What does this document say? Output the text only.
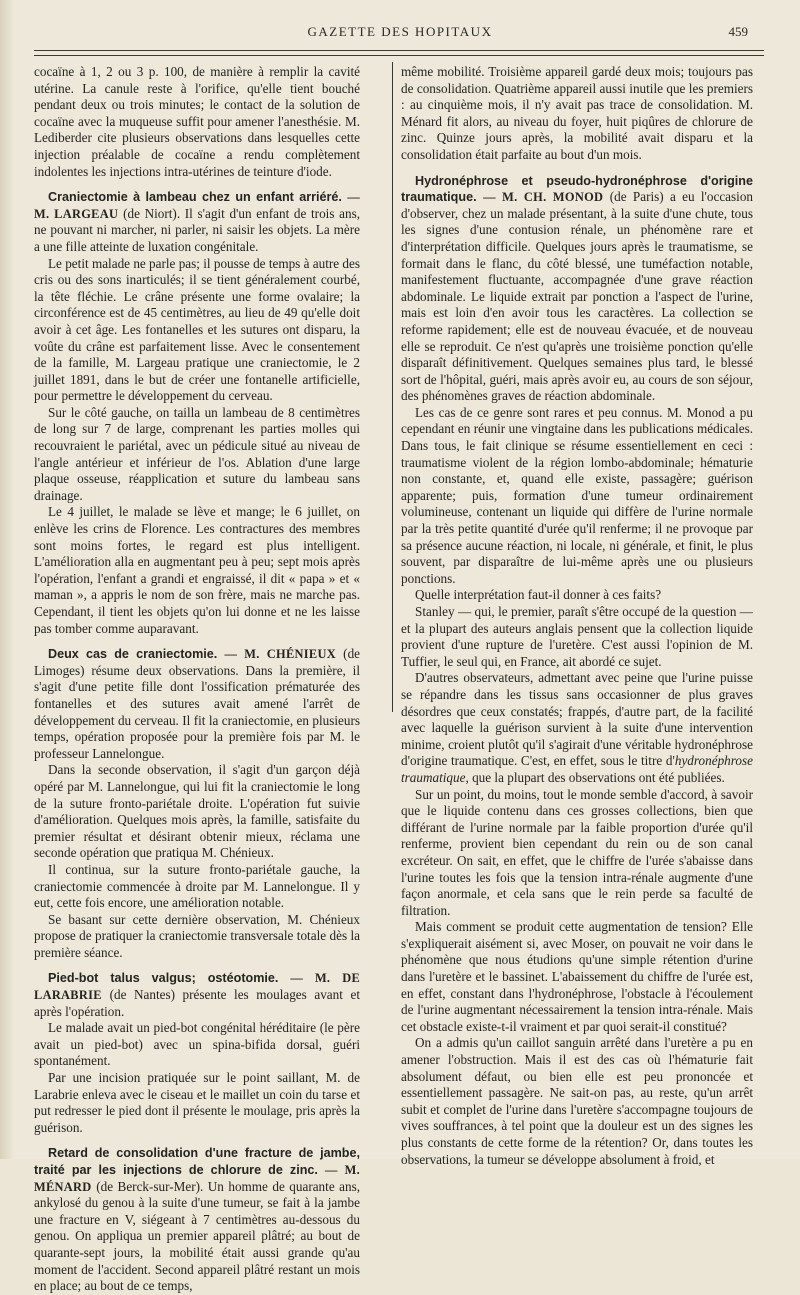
GAZETTE DES HOPITAUX	459

cocaïne à 1, 2 ou 3 p. 100, de manière à remplir la cavité utérine. La canule reste à l'orifice, qu'elle tient bouché pendant deux ou trois minutes; le contact de la solution de cocaïne avec la muqueuse suffit pour amener l'anesthésie. M. Lediberder cite plusieurs observations dans lesquelles cette injection préalable de cocaïne a rendu complètement indolentes les injections intra-utérines de teinture d'iode.

Craniectomie à lambeau chez un enfant arriéré. — M. LARGEAU (de Niort). Il s'agit d'un enfant de trois ans, ne pouvant ni marcher, ni parler, ni saisir les objets. La mère a une fille atteinte de luxation congénitale.

Le petit malade ne parle pas; il pousse de temps à autre des cris ou des sons inarticulés; il se tient généralement courbé, la tête fléchie. Le crâne présente une forme ovalaire; la circonférence est de 45 centimètres, au lieu de 49 qu'elle doit avoir à cet âge. Les fontanelles et les sutures ont disparu, la voûte du crâne est parfaitement lisse. Avec le consentement de la famille, M. Largeau pratique une craniectomie, le 2 juillet 1891, dans le but de créer une fontanelle artificielle, pour permettre le développement du cerveau.

Sur le côté gauche, on tailla un lambeau de 8 centimètres de long sur 7 de large, comprenant les parties molles qui recouvraient le pariétal, avec un pédicule situé au niveau de l'angle antérieur et inférieur de l'os. Ablation d'une large plaque osseuse, réapplication et suture du lambeau sans drainage.

Le 4 juillet, le malade se lève et mange; le 6 juillet, on enlève les crins de Florence. Les contractures des membres sont moins fortes, le regard est plus intelligent. L'amélioration alla en augmentant peu à peu; sept mois après l'opération, l'enfant a grandi et engraissé, il dit « papa » et « maman », a appris le nom de son frère, mais ne marche pas. Cependant, il tient les objets qu'on lui donne et ne les laisse pas tomber comme auparavant.

Deux cas de craniectomie. — M. CHÉNIEUX (de Limoges) résume deux observations. Dans la première, il s'agit d'une petite fille dont l'ossification prématurée des fontanelles et des sutures avait amené l'arrêt de développement du cerveau. Il fit la craniectomie, en plusieurs temps, opération proposée pour la première fois par M. le professeur Lannelongue.

Dans la seconde observation, il s'agit d'un garçon déjà opéré par M. Lannelongue, qui lui fit la craniectomie le long de la suture fronto-pariétale droite. L'opération fut suivie d'amélioration. Quelques mois après, la famille, satisfaite du premier résultat et désirant obtenir mieux, réclama une seconde opération que pratiqua M. Chénieux.

Il continua, sur la suture fronto-pariétale gauche, la craniectomie commencée à droite par M. Lannelongue. Il y eut, cette fois encore, une amélioration notable.

Se basant sur cette dernière observation, M. Chénieux propose de pratiquer la craniectomie transversale totale dès la première séance.

Pied-bot talus valgus; ostéotomie. — M. DE LARABRIE (de Nantes) présente les moulages avant et après l'opération.

Le malade avait un pied-bot congénital héréditaire (le père avait un pied-bot) avec un spina-bifida dorsal, guéri spontanément.

Par une incision pratiquée sur le point saillant, M. de Larabrie enleva avec le ciseau et le maillet un coin du tarse et put redresser le pied dont il présente le moulage, pris après la guérison.

Retard de consolidation d'une fracture de jambe, traité par les injections de chlorure de zinc. — M. MÉNARD (de Berck-sur-Mer). Un homme de quarante ans, ankylosé du genou à la suite d'une tumeur, se fait à la jambe une fracture en V, siégeant à 7 centimètres au-dessous du genou. On appliqua un premier appareil plâtré; au bout de quarante-sept jours, la mobilité était aussi grande qu'au moment de l'accident. Second appareil plâtré restant un mois en place; au bout de ce temps,

même mobilité. Troisième appareil gardé deux mois; toujours pas de consolidation. Quatrième appareil aussi inutile que les premiers : au cinquième mois, il n'y avait pas trace de consolidation. M. Ménard fit alors, au niveau du foyer, huit piqûres de chlorure de zinc. Quinze jours après, la mobilité avait disparu et la consolidation était parfaite au bout d'un mois.

Hydronéphrose et pseudo-hydronéphrose d'origine traumatique. — M. CH. MONOD (de Paris) a eu l'occasion d'observer, chez un malade présentant, à la suite d'une chute, tous les signes d'une contusion rénale, un phénomène rare et d'interprétation difficile. Quelques jours après le traumatisme, se formait dans le flanc, du côté blessé, une tuméfaction notable, manifestement fluctuante, accompagnée d'une grave réaction abdominale. Le liquide extrait par ponction a l'aspect de l'urine, mais est loin d'en avoir tous les caractères. La collection se reforme rapidement; elle est de nouveau évacuée, et de nouveau elle se reproduit. Ce n'est qu'après une troisième ponction qu'elle disparaît définitivement. Quelques semaines plus tard, le blessé sort de l'hôpital, guéri, mais après avoir eu, au cours de son séjour, des phénomènes graves de réaction abdominale.

Les cas de ce genre sont rares et peu connus. M. Monod a pu cependant en réunir une vingtaine dans les publications médicales. Dans tous, le fait clinique se résume essentiellement en ceci : traumatisme violent de la région lombo-abdominale; hématurie non constante, et, quand elle existe, passagère; guérison apparente; puis, formation d'une tumeur ordinairement volumineuse, contenant un liquide qui diffère de l'urine normale par la très petite quantité d'urée qu'il renferme; il ne provoque par sa présence aucune réaction, ni locale, ni générale, et finit, le plus souvent, par disparaître de lui-même après une ou plusieurs ponctions.

Quelle interprétation faut-il donner à ces faits?

Stanley — qui, le premier, paraît s'être occupé de la question — et la plupart des auteurs anglais pensent que la collection liquide provient d'une rupture de l'uretère. C'est aussi l'opinion de M. Tuffier, le seul qui, en France, ait abordé ce sujet.

D'autres observateurs, admettant avec peine que l'urine puisse se répandre dans les tissus sans occasionner de plus graves désordres que ceux constatés; frappés, d'autre part, de la facilité avec laquelle la guérison survient à la suite d'une intervention minime, croient plutôt qu'il s'agirait d'une véritable hydronéphrose d'origine traumatique. C'est, en effet, sous le titre d'hydronéphrose traumatique, que la plupart des observations ont été publiées.

Sur un point, du moins, tout le monde semble d'accord, à savoir que le liquide contenu dans ces grosses collections, bien que différant de l'urine normale par la faible proportion d'urée qu'il renferme, provient bien cependant du rein ou de son canal excréteur. On sait, en effet, que le chiffre de l'urée s'abaisse dans l'urine toutes les fois que la tension intra-rénale augmente d'une façon anormale, et cela sans que le rein perde sa faculté de filtration.

Mais comment se produit cette augmentation de tension? Elle s'expliquerait aisément si, avec Moser, on pouvait ne voir dans le phénomène que nous étudions qu'une simple rétention d'urine dans l'uretère et le bassinet. L'abaissement du chiffre de l'urée est, en effet, constant dans l'hydronéphrose, l'obstacle à l'écoulement de l'urine augmentant nécessairement la tension intra-rénale. Mais cet obstacle existe-t-il vraiment et par quoi serait-il constitué?

On a admis qu'un caillot sanguin arrêté dans l'uretère a pu en amener l'obstruction. Mais il est des cas où l'hématurie fait absolument défaut, ou bien elle est peu prononcée et essentiellement passagère. Ne sait-on pas, au reste, qu'un arrêt subit et complet de l'urine dans l'uretère s'accompagne toujours de vives souffrances, à tel point que la douleur est un des signes les plus constants de cette forme de la rétention? Or, dans toutes les observations, la tumeur se développe absolument à froid, et
